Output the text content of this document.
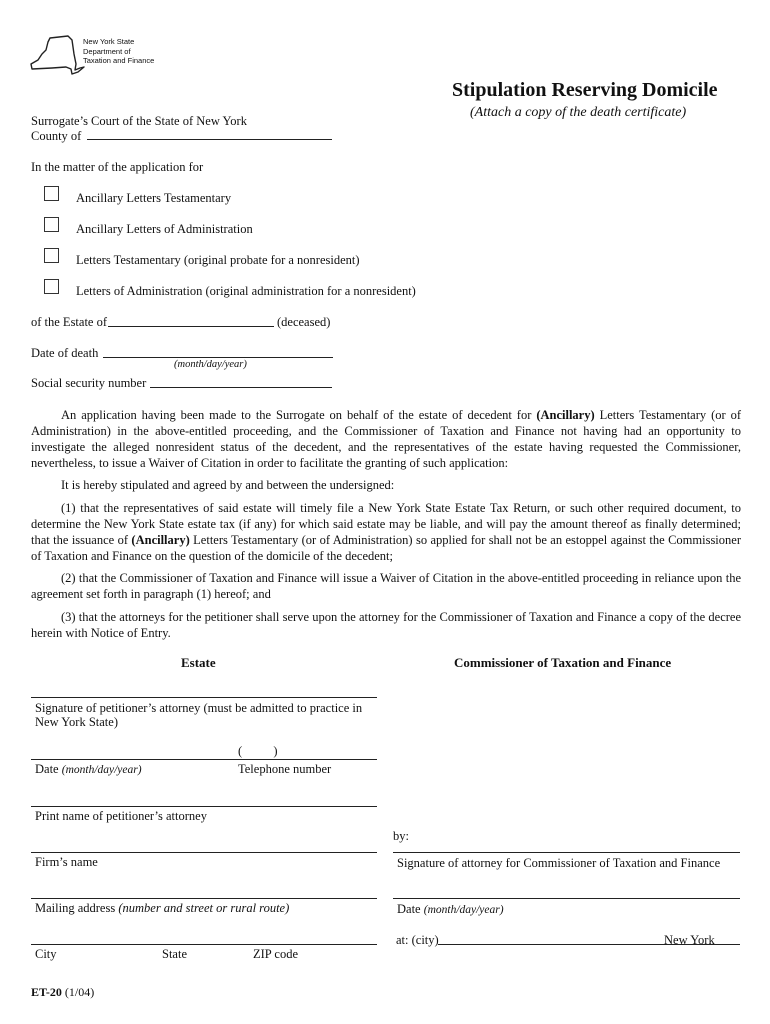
New York State
Department of
Taxation and Finance
Stipulation Reserving Domicile
(Attach a copy of the death certificate)
Surrogate’s Court of the State of New York
County of
In the matter of the application for
Ancillary Letters Testamentary
Ancillary Letters of Administration
Letters Testamentary (original probate for a nonresident)
Letters of Administration (original administration for a nonresident)
of the Estate of	(deceased)
Date of death
(month/day/year)
Social security number

An application having been made to the Surrogate on behalf of the estate of decedent for (Ancillary) Letters Testamentary (or of Administration) in the above-entitled proceeding, and the Commissioner of Taxation and Finance not having had an opportunity to investigate the alleged nonresident status of the decedent, and the representatives of the estate having requested the Commissioner, nevertheless, to issue a Waiver of Citation in order to facilitate the granting of such application:

It is hereby stipulated and agreed by and between the undersigned:

(1) that the representatives of said estate will timely file a New York State Estate Tax Return, or such other required document, to determine the New York State estate tax (if any) for which said estate may be liable, and will pay the amount thereof as finally determined; that the issuance of (Ancillary) Letters Testamentary (or of Administration) so applied for shall not be an estoppel against the Commissioner of Taxation and Finance on the question of the domicile of the decedent;

(2) that the Commissioner of Taxation and Finance will issue a Waiver of Citation in the above-entitled proceeding in reliance upon the agreement set forth in paragraph (1) hereof; and

(3) that the attorneys for the petitioner shall serve upon the attorney for the Commissioner of Taxation and Finance a copy of the decree herein with Notice of Entry.

Estate	Commissioner of Taxation and Finance
Signature of petitioner’s attorney (must be admitted to practice in New York State)
(          )
Date (month/day/year)	Telephone number
Print name of petitioner’s attorney
Firm’s name
Mailing address (number and street or rural route)
City	State	ZIP code
by:
Signature of attorney for Commissioner of Taxation and Finance
Date (month/day/year)
at: (city)	New York
ET-20 (1/04)
